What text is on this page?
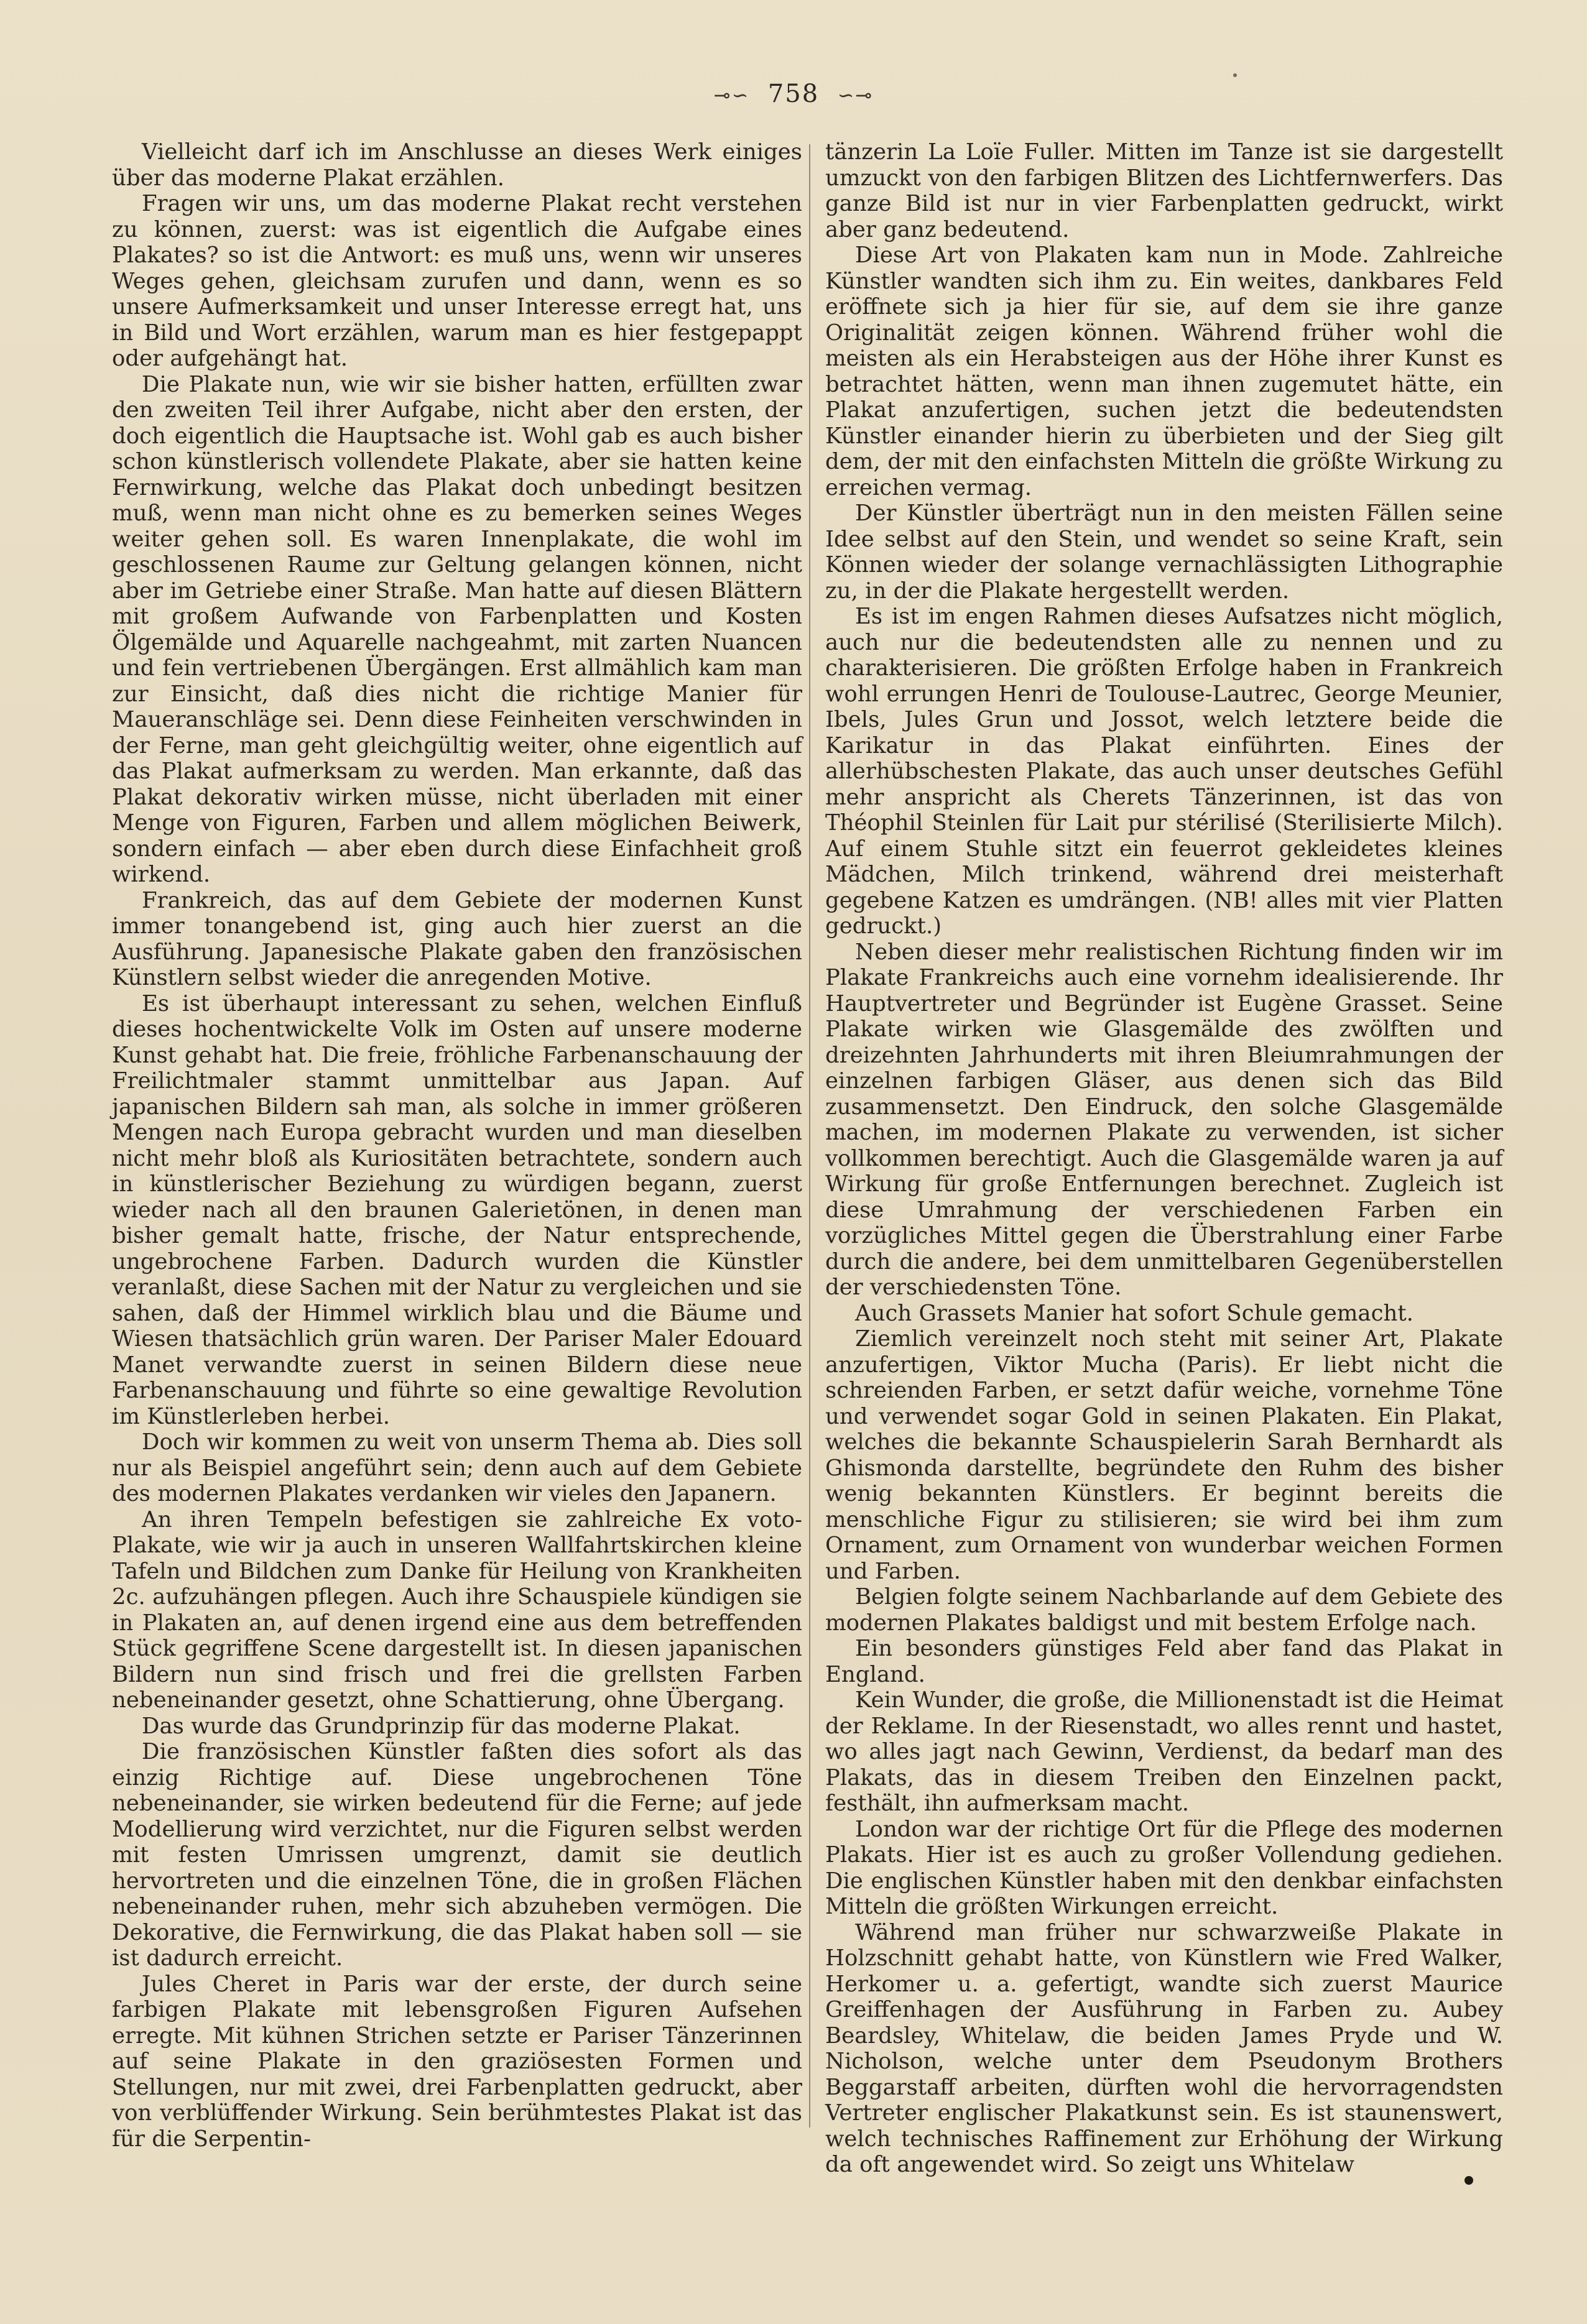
⊸∽ 758 ∽⊸

Vielleicht darf ich im Anschlusse an dieses Werk einiges über das moderne Plakat erzählen.

Fragen wir uns, um das moderne Plakat recht verstehen zu können, zuerst: was ist eigentlich die Aufgabe eines Plakates? so ist die Antwort: es muß uns, wenn wir unseres Weges gehen, gleichsam zurufen und dann, wenn es so unsere Aufmerksamkeit und unser Interesse erregt hat, uns in Bild und Wort erzählen, warum man es hier festgepappt oder aufgehängt hat.

Die Plakate nun, wie wir sie bisher hatten, erfüllten zwar den zweiten Teil ihrer Aufgabe, nicht aber den ersten, der doch eigentlich die Hauptsache ist. Wohl gab es auch bisher schon künstlerisch vollendete Plakate, aber sie hatten keine Fernwirkung, welche das Plakat doch unbedingt besitzen muß, wenn man nicht ohne es zu bemerken seines Weges weiter gehen soll. Es waren Innenplakate, die wohl im geschlossenen Raume zur Geltung gelangen können, nicht aber im Getriebe einer Straße. Man hatte auf diesen Blättern mit großem Aufwande von Farbenplatten und Kosten Ölgemälde und Aquarelle nachgeahmt, mit zarten Nuancen und fein vertriebenen Übergängen. Erst allmählich kam man zur Einsicht, daß dies nicht die richtige Manier für Maueranschläge sei. Denn diese Feinheiten verschwinden in der Ferne, man geht gleichgültig weiter, ohne eigentlich auf das Plakat aufmerksam zu werden. Man erkannte, daß das Plakat dekorativ wirken müsse, nicht überladen mit einer Menge von Figuren, Farben und allem möglichen Beiwerk, sondern einfach — aber eben durch diese Einfachheit groß wirkend.

Frankreich, das auf dem Gebiete der modernen Kunst immer tonangebend ist, ging auch hier zuerst an die Ausführung. Japanesische Plakate gaben den französischen Künstlern selbst wieder die anregenden Motive.

Es ist überhaupt interessant zu sehen, welchen Einfluß dieses hochentwickelte Volk im Osten auf unsere moderne Kunst gehabt hat. Die freie, fröhliche Farbenanschauung der Freilichtmaler stammt unmittelbar aus Japan. Auf japanischen Bildern sah man, als solche in immer größeren Mengen nach Europa gebracht wurden und man dieselben nicht mehr bloß als Kuriositäten betrachtete, sondern auch in künstlerischer Beziehung zu würdigen begann, zuerst wieder nach all den braunen Galerietönen, in denen man bisher gemalt hatte, frische, der Natur entsprechende, ungebrochene Farben. Dadurch wurden die Künstler veranlaßt, diese Sachen mit der Natur zu vergleichen und sie sahen, daß der Himmel wirklich blau und die Bäume und Wiesen thatsächlich grün waren. Der Pariser Maler Edouard Manet verwandte zuerst in seinen Bildern diese neue Farbenanschauung und führte so eine gewaltige Revolution im Künstlerleben herbei.

Doch wir kommen zu weit von unserm Thema ab. Dies soll nur als Beispiel angeführt sein; denn auch auf dem Gebiete des modernen Plakates verdanken wir vieles den Japanern.

An ihren Tempeln befestigen sie zahlreiche Ex voto-Plakate, wie wir ja auch in unseren Wallfahrtskirchen kleine Tafeln und Bildchen zum Danke für Heilung von Krankheiten 2c. aufzuhängen pflegen. Auch ihre Schauspiele kündigen sie in Plakaten an, auf denen irgend eine aus dem betreffenden Stück gegriffene Scene dargestellt ist. In diesen japanischen Bildern nun sind frisch und frei die grellsten Farben nebeneinander gesetzt, ohne Schattierung, ohne Übergang.

Das wurde das Grundprinzip für das moderne Plakat.

Die französischen Künstler faßten dies sofort als das einzig Richtige auf. Diese ungebrochenen Töne nebeneinander, sie wirken bedeutend für die Ferne; auf jede Modellierung wird verzichtet, nur die Figuren selbst werden mit festen Umrissen umgrenzt, damit sie deutlich hervortreten und die einzelnen Töne, die in großen Flächen nebeneinander ruhen, mehr sich abzuheben vermögen. Die Dekorative, die Fernwirkung, die das Plakat haben soll — sie ist dadurch erreicht.

Jules Cheret in Paris war der erste, der durch seine farbigen Plakate mit lebensgroßen Figuren Aufsehen erregte. Mit kühnen Strichen setzte er Pariser Tänzerinnen auf seine Plakate in den graziösesten Formen und Stellungen, nur mit zwei, drei Farbenplatten gedruckt, aber von verblüffender Wirkung. Sein berühmtestes Plakat ist das für die Serpentin-

tänzerin La Loïe Fuller. Mitten im Tanze ist sie dargestellt umzuckt von den farbigen Blitzen des Lichtfernwerfers. Das ganze Bild ist nur in vier Farbenplatten gedruckt, wirkt aber ganz bedeutend.

Diese Art von Plakaten kam nun in Mode. Zahlreiche Künstler wandten sich ihm zu. Ein weites, dankbares Feld eröffnete sich ja hier für sie, auf dem sie ihre ganze Originalität zeigen können. Während früher wohl die meisten als ein Herabsteigen aus der Höhe ihrer Kunst es betrachtet hätten, wenn man ihnen zugemutet hätte, ein Plakat anzufertigen, suchen jetzt die bedeutendsten Künstler einander hierin zu überbieten und der Sieg gilt dem, der mit den einfachsten Mitteln die größte Wirkung zu erreichen vermag.

Der Künstler überträgt nun in den meisten Fällen seine Idee selbst auf den Stein, und wendet so seine Kraft, sein Können wieder der solange vernachlässigten Lithographie zu, in der die Plakate hergestellt werden.

Es ist im engen Rahmen dieses Aufsatzes nicht möglich, auch nur die bedeutendsten alle zu nennen und zu charakterisieren. Die größten Erfolge haben in Frankreich wohl errungen Henri de Toulouse-Lautrec, George Meunier, Ibels, Jules Grun und Jossot, welch letztere beide die Karikatur in das Plakat einführten. Eines der allerhübschesten Plakate, das auch unser deutsches Gefühl mehr anspricht als Cherets Tänzerinnen, ist das von Théophil Steinlen für Lait pur stérilisé (Sterilisierte Milch). Auf einem Stuhle sitzt ein feuerrot gekleidetes kleines Mädchen, Milch trinkend, während drei meisterhaft gegebene Katzen es umdrängen. (NB! alles mit vier Platten gedruckt.)

Neben dieser mehr realistischen Richtung finden wir im Plakate Frankreichs auch eine vornehm idealisierende. Ihr Hauptvertreter und Begründer ist Eugène Grasset. Seine Plakate wirken wie Glasgemälde des zwölften und dreizehnten Jahrhunderts mit ihren Bleiumrahmungen der einzelnen farbigen Gläser, aus denen sich das Bild zusammensetzt. Den Eindruck, den solche Glasgemälde machen, im modernen Plakate zu verwenden, ist sicher vollkommen berechtigt. Auch die Glasgemälde waren ja auf Wirkung für große Entfernungen berechnet. Zugleich ist diese Umrahmung der verschiedenen Farben ein vorzügliches Mittel gegen die Überstrahlung einer Farbe durch die andere, bei dem unmittelbaren Gegenüberstellen der verschiedensten Töne.

Auch Grassets Manier hat sofort Schule gemacht.

Ziemlich vereinzelt noch steht mit seiner Art, Plakate anzufertigen, Viktor Mucha (Paris). Er liebt nicht die schreienden Farben, er setzt dafür weiche, vornehme Töne und verwendet sogar Gold in seinen Plakaten. Ein Plakat, welches die bekannte Schauspielerin Sarah Bernhardt als Ghismonda darstellte, begründete den Ruhm des bisher wenig bekannten Künstlers. Er beginnt bereits die menschliche Figur zu stilisieren; sie wird bei ihm zum Ornament, zum Ornament von wunderbar weichen Formen und Farben.

Belgien folgte seinem Nachbarlande auf dem Gebiete des modernen Plakates baldigst und mit bestem Erfolge nach.

Ein besonders günstiges Feld aber fand das Plakat in England.

Kein Wunder, die große, die Millionenstadt ist die Heimat der Reklame. In der Riesenstadt, wo alles rennt und hastet, wo alles jagt nach Gewinn, Verdienst, da bedarf man des Plakats, das in diesem Treiben den Einzelnen packt, festhält, ihn aufmerksam macht.

London war der richtige Ort für die Pflege des modernen Plakats. Hier ist es auch zu großer Vollendung gediehen. Die englischen Künstler haben mit den denkbar einfachsten Mitteln die größten Wirkungen erreicht.

Während man früher nur schwarzweiße Plakate in Holzschnitt gehabt hatte, von Künstlern wie Fred Walker, Herkomer u. a. gefertigt, wandte sich zuerst Maurice Greiffenhagen der Ausführung in Farben zu. Aubey Beardsley, Whitelaw, die beiden James Pryde und W. Nicholson, welche unter dem Pseudonym Brothers Beggarstaff arbeiten, dürften wohl die hervorragendsten Vertreter englischer Plakatkunst sein. Es ist staunenswert, welch technisches Raffinement zur Erhöhung der Wirkung da oft angewendet wird. So zeigt uns Whitelaw
